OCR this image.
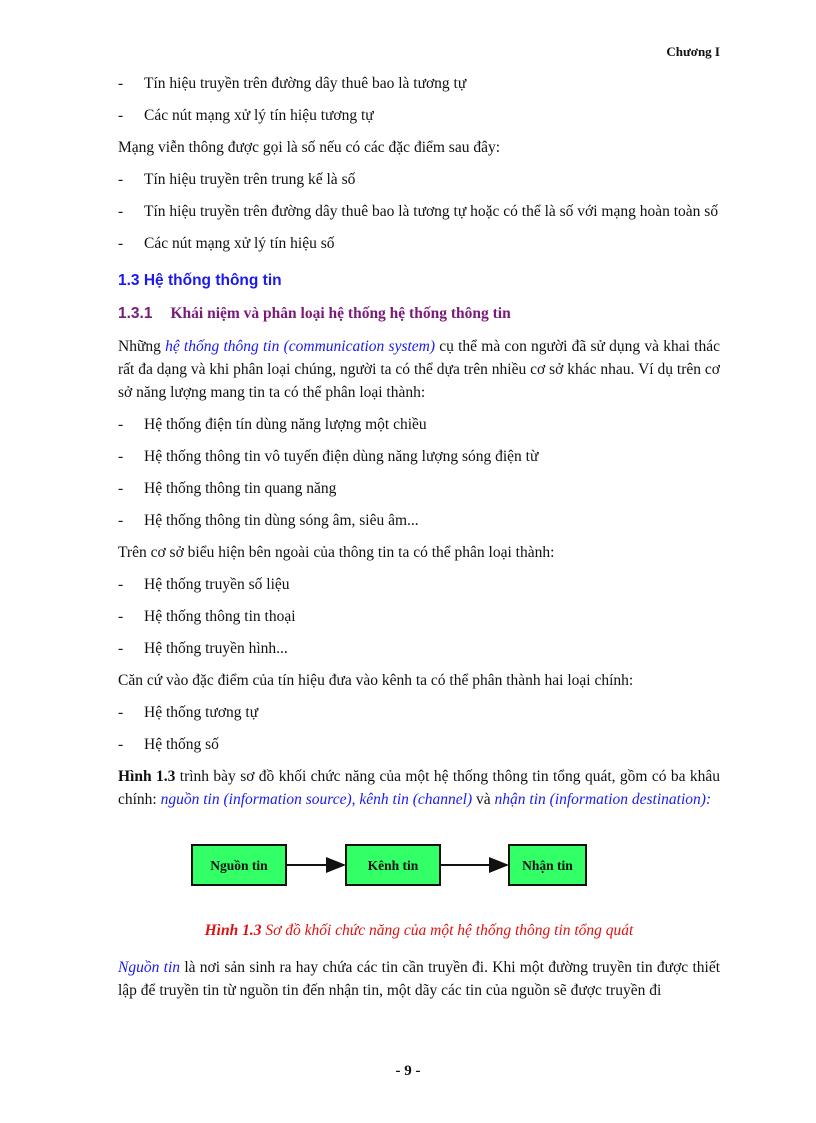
Chương I
- Tín hiệu truyền trên đường dây thuê bao là tương tự
- Các nút mạng xử lý tín hiệu tương tự

Mạng viễn thông được gọi là số nếu có các đặc điểm sau đây:

- Tín hiệu truyền trên trung kế là số
- Tín hiệu truyền trên đường dây thuê bao là tương tự hoặc có thể là số với mạng hoàn toàn số
- Các nút mạng xử lý tín hiệu số
1.3 Hệ thống thông tin
1.3.1 Khái niệm và phân loại hệ thống hệ thống thông tin

Những hệ thống thông tin (communication system) cụ thể mà con người đã sử dụng và khai thác rất đa dạng và khi phân loại chúng, người ta có thể dựa trên nhiều cơ sở khác nhau. Ví dụ trên cơ sở năng lượng mang tin ta có thể phân loại thành:

- Hệ thống điện tín dùng năng lượng một chiều
- Hệ thống thông tin vô tuyến điện dùng năng lượng sóng điện từ
- Hệ thống thông tin quang năng
- Hệ thống thông tin dùng sóng âm, siêu âm...

Trên cơ sở biểu hiện bên ngoài của thông tin ta có thể phân loại thành:

- Hệ thống truyền số liệu
- Hệ thống thông tin thoại
- Hệ thống truyền hình...

Căn cứ vào đặc điểm của tín hiệu đưa vào kênh ta có thể phân thành hai loại chính:

- Hệ thống tương tự
- Hệ thống số

Hình 1.3 trình bày sơ đồ khối chức năng của một hệ thống thông tin tổng quát, gồm có ba khâu chính: nguồn tin (information source), kênh tin (channel) và nhận tin (information destination):

Nguồn tin	Kênh tin	Nhận tin

Hình 1.3 Sơ đồ khối chức năng của một hệ thống thông tin tổng quát

Nguồn tin là nơi sản sinh ra hay chứa các tin cần truyền đi. Khi một đường truyền tin được thiết lập để truyền tin từ nguồn tin đến nhận tin, một dãy các tin của nguồn sẽ được truyền đi

- 9 -
